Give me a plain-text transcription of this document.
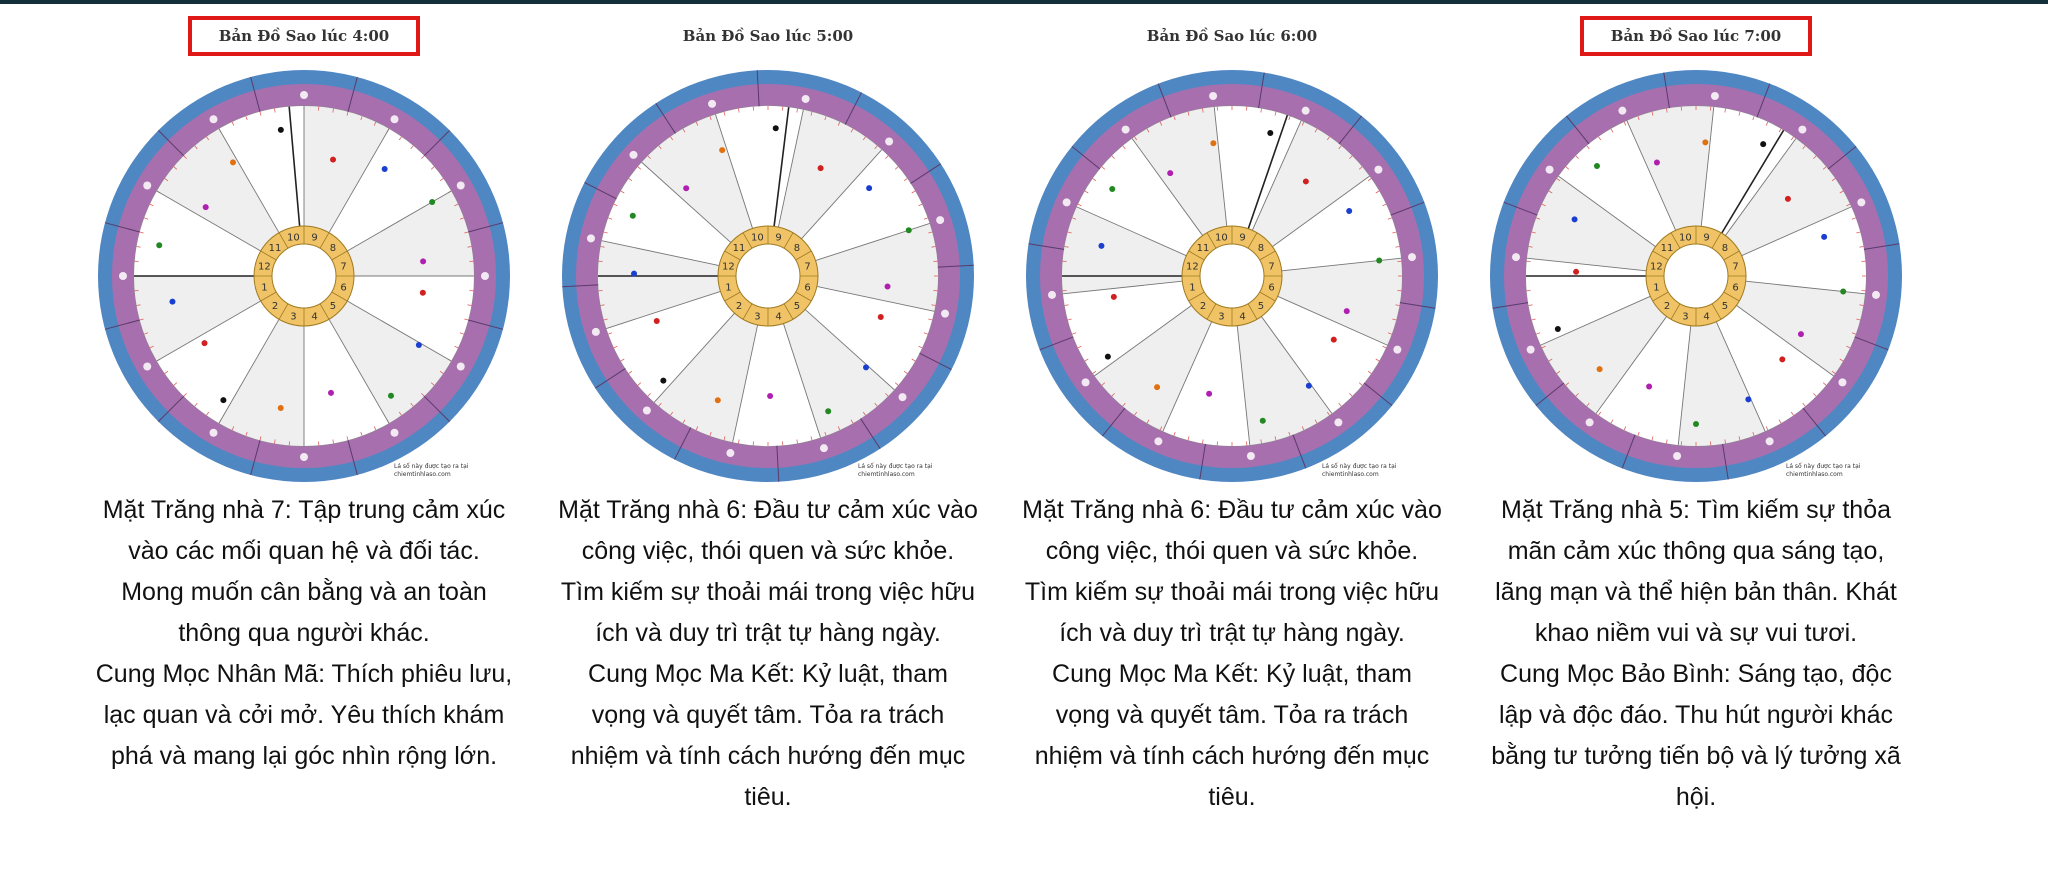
Bản Đồ Sao lúc 4:00
1
2
3 4
5
6
7
8
9
10
11
12
Lá số này được tạo ra tại
chiemtinhlaso.com

Mặt Trăng nhà 7: Tập trung cảm xúc vào các mối quan hệ và đối tác. Mong muốn cân bằng và an toàn thông qua người khác.

Cung Mọc Nhân Mã: Thích phiêu lưu, lạc quan và cởi mở. Yêu thích khám phá và mang lại góc nhìn rộng lớn.

Bản Đồ Sao lúc 5:00
1
2
3 4
5
6
7
8
9
10
11
12
Lá số này được tạo ra tại
chiemtinhlaso.com

Mặt Trăng nhà 6: Đầu tư cảm xúc vào công việc, thói quen và sức khỏe. Tìm kiếm sự thoải mái trong việc hữu ích và duy trì trật tự hàng ngày.

Cung Mọc Ma Kết: Kỷ luật, tham vọng và quyết tâm. Tỏa ra trách nhiệm và tính cách hướng đến mục tiêu.

Bản Đồ Sao lúc 6:00
1
2
3 4
5
6
7
8
9
10
11
12
Lá số này được tạo ra tại
chiemtinhlaso.com

Mặt Trăng nhà 6: Đầu tư cảm xúc vào công việc, thói quen và sức khỏe. Tìm kiếm sự thoải mái trong việc hữu ích và duy trì trật tự hàng ngày.

Cung Mọc Ma Kết: Kỷ luật, tham vọng và quyết tâm. Tỏa ra trách nhiệm và tính cách hướng đến mục tiêu.

Bản Đồ Sao lúc 7:00
1
2
3 4
5
6
7
8
9
10
11
12
Lá số này được tạo ra tại
chiemtinhlaso.com

Mặt Trăng nhà 5: Tìm kiếm sự thỏa mãn cảm xúc thông qua sáng tạo, lãng mạn và thể hiện bản thân. Khát khao niềm vui và sự vui tươi.

Cung Mọc Bảo Bình: Sáng tạo, độc lập và độc đáo. Thu hút người khác bằng tư tưởng tiến bộ và lý tưởng xã hội.
